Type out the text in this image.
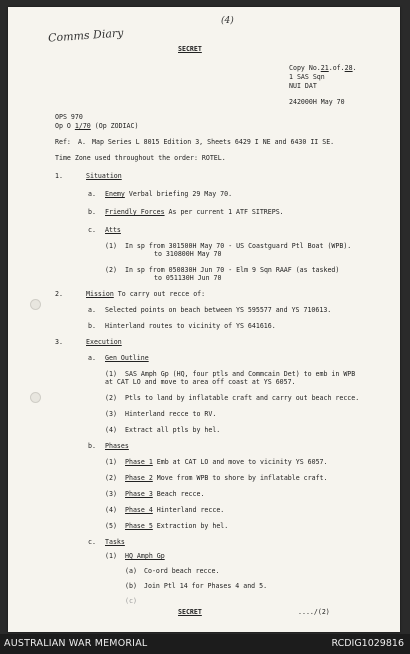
Comms Diary
(4)
SECRET
Copy No.21.of.28.
1 SAS Sqn
NUI DAT
242000H May 70
OPS 970
Op O 1/70 (Op ZODIAC)
Ref: A. Map Series L 8015 Edition 3, Sheets 6429 I NE and 6430 II SE.
Time Zone used throughout the order: ROTEL.
1.	Situation
a. Enemy Verbal briefing 29 May 70.
b. Friendly Forces As per current 1 ATF SITREPS.
c. Atts
(1) In sp from 301500H May 70 - US Coastguard Ptl Boat (WPB).
to 310800H May 70
(2) In sp from 050830H Jun 70 - Elm 9 Sqn RAAF (as tasked)
to 051130H Jun 70
2.	Mission To carry out recce of:
a. Selected points on beach between YS 595577 and YS 710613.
b. Hinterland routes to vicinity of YS 641616.
3.	Execution
a. Gen Outline
(1) SAS Amph Gp (HQ, four ptls and Commcain Det) to emb in WPB
at CAT LO and move to area off coast at YS 6057.
(2) Ptls to land by inflatable craft and carry out beach recce.
(3) Hinterland recce to RV.
(4) Extract all ptls by hel.
b. Phases
(1) Phase 1 Emb at CAT LO and move to vicinity YS 6057.
(2) Phase 2 Move from WPB to shore by inflatable craft.
(3) Phase 3 Beach recce.
(4) Phase 4 Hinterland recce.
(5) Phase 5 Extraction by hel.
c. Tasks
(1) HQ Amph Gp
(a) Co-ord beach recce.
(b) Join Ptl 14 for Phases 4 and 5.
(c)
SECRET	..../(2)
AUSTRALIAN WAR MEMORIAL	RCDIG1029816
